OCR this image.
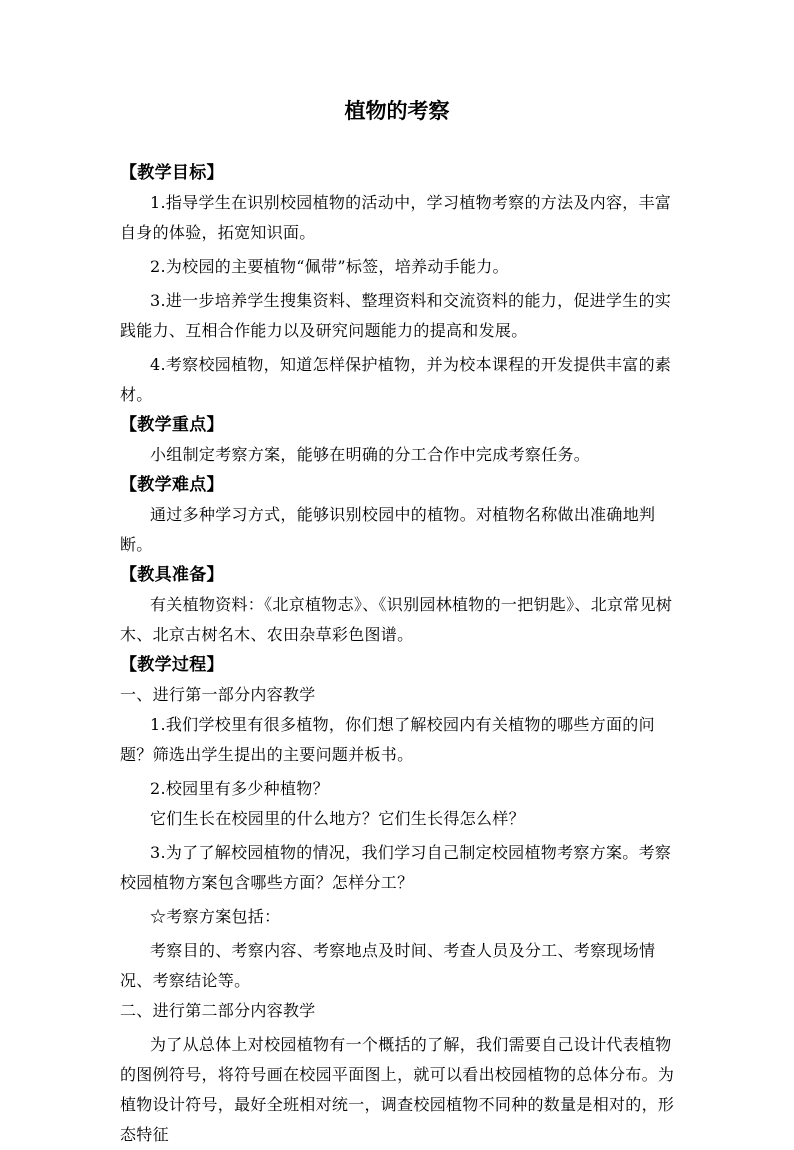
植物的考察

【教学目标】

1.指导学生在识别校园植物的活动中，学习植物考察的方法及内容，丰富自身的体验，拓宽知识面。

2.为校园的主要植物“佩带”标签，培养动手能力。

3.进一步培养学生搜集资料、整理资料和交流资料的能力，促进学生的实践能力、互相合作能力以及研究问题能力的提高和发展。

4.考察校园植物，知道怎样保护植物，并为校本课程的开发提供丰富的素材。

【教学重点】

小组制定考察方案，能够在明确的分工合作中完成考察任务。

【教学难点】

通过多种学习方式，能够识别校园中的植物。对植物名称做出准确地判断。

【教具准备】

有关植物资料：《北京植物志》、《识别园林植物的一把钥匙》、北京常见树木、北京古树名木、农田杂草彩色图谱。

【教学过程】

一、进行第一部分内容教学

1.我们学校里有很多植物，你们想了解校园内有关植物的哪些方面的问题？筛选出学生提出的主要问题并板书。

2.校园里有多少种植物？

它们生长在校园里的什么地方？它们生长得怎么样？

3.为了了解校园植物的情况，我们学习自己制定校园植物考察方案。考察校园植物方案包含哪些方面？怎样分工？

☆考察方案包括：

考察目的、考察内容、考察地点及时间、考查人员及分工、考察现场情况、考察结论等。

二、进行第二部分内容教学

为了从总体上对校园植物有一个概括的了解，我们需要自己设计代表植物的图例符号，将符号画在校园平面图上，就可以看出校园植物的总体分布。为植物设计符号，最好全班相对统一，调查校园植物不同种的数量是相对的，形态特征
